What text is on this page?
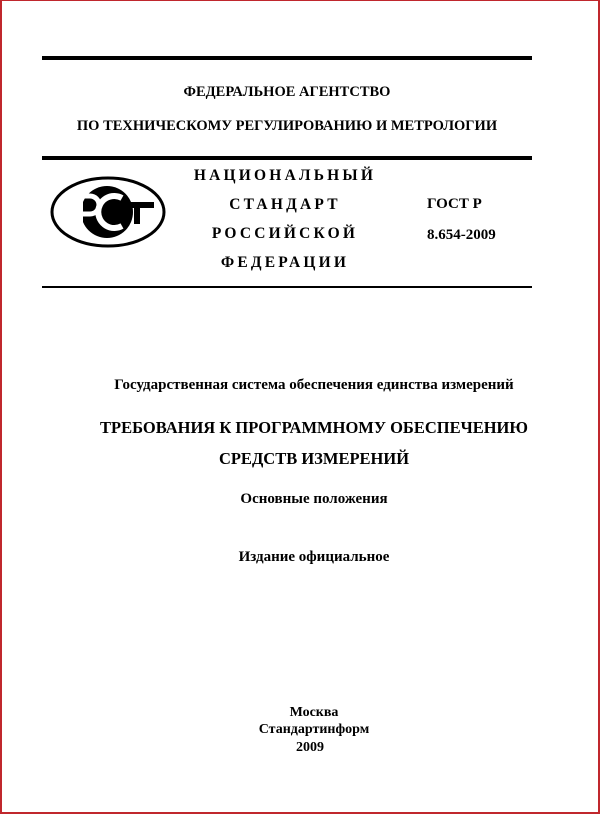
ФЕДЕРАЛЬНОЕ АГЕНТСТВО
ПО ТЕХНИЧЕСКОМУ РЕГУЛИРОВАНИЮ И МЕТРОЛОГИИ
НАЦИОНАЛЬНЫЙ
СТАНДАРТ
РОССИЙСКОЙ
ФЕДЕРАЦИИ
ГОСТ Р
8.654-2009
Государственная система обеспечения единства измерений
ТРЕБОВАНИЯ К ПРОГРАММНОМУ ОБЕСПЕЧЕНИЮ
СРЕДСТВ ИЗМЕРЕНИЙ
Основные положения
Издание официальное
Москва
Стандартинформ
2009
